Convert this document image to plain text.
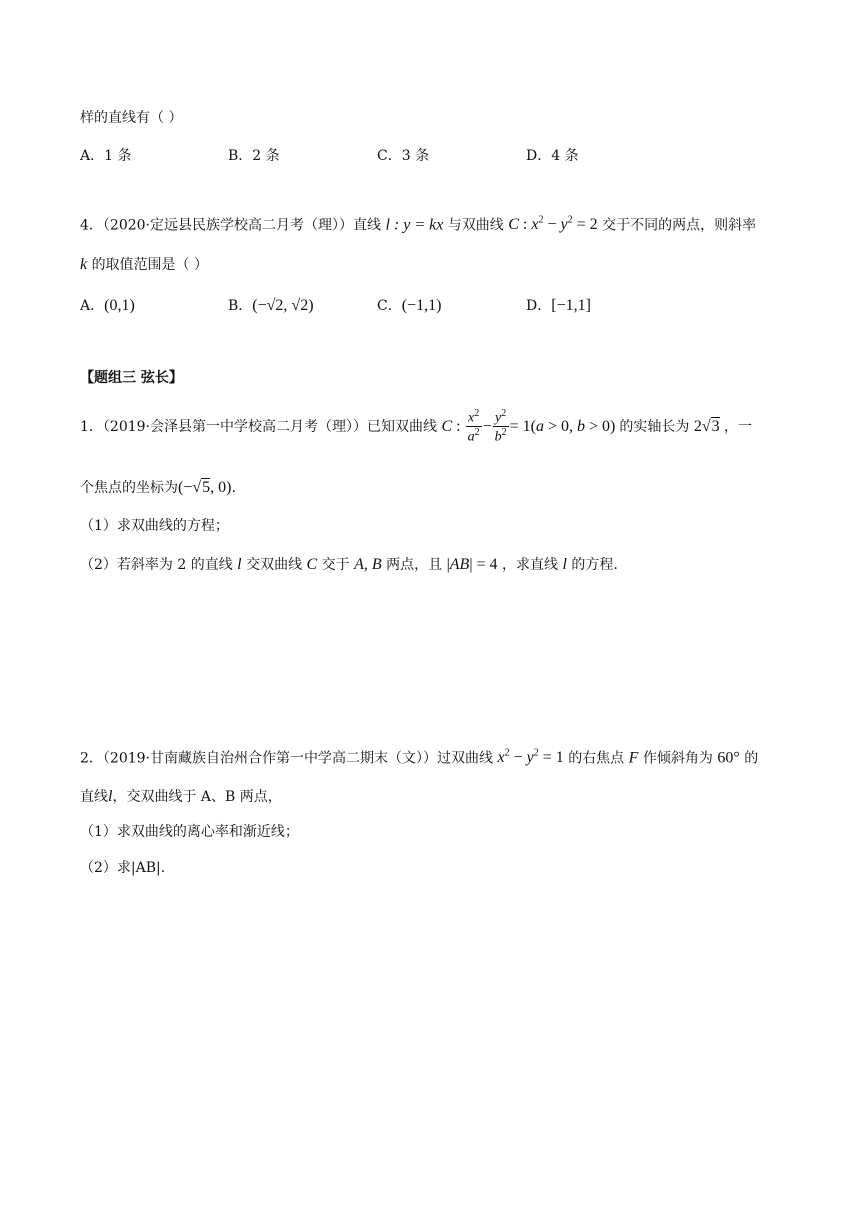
样的直线有（ ）
A．1 条	B．2 条	C．3 条	D．4 条
4．（2020·定远县民族学校高二月考（理））直线 l : y = kx 与双曲线 C : $x^2 - y^2 = 2$ 交于不同的两点，则斜率
k 的取值范围是（ ）
A．(0,1)	B．(−√2, √2)	C．(−1,1)	D．[−1,1]
【题组三 弦长】
1．（2019·会泽县第一中学校高二月考（理））已知双曲线 C : $\frac{x^2}{a^2} - \frac{y^2}{b^2} = 1(a > 0$, b > 0) 的实轴长为 2√3 ，一
个焦点的坐标为(−√5, 0).
（1）求双曲线的方程；
（2）若斜率为 2 的直线 l 交双曲线 C 交于 A, B 两点，且 |AB| = 4 ，求直线 l 的方程.
2．（2019·甘南藏族自治州合作第一中学高二期末（文））过双曲线 $x^2 - y^2 = 1$ 的右焦点 F 作倾斜角为 60° 的
直线l，交双曲线于 A、B 两点，
（1）求双曲线的离心率和渐近线；
（2）求|AB|.
